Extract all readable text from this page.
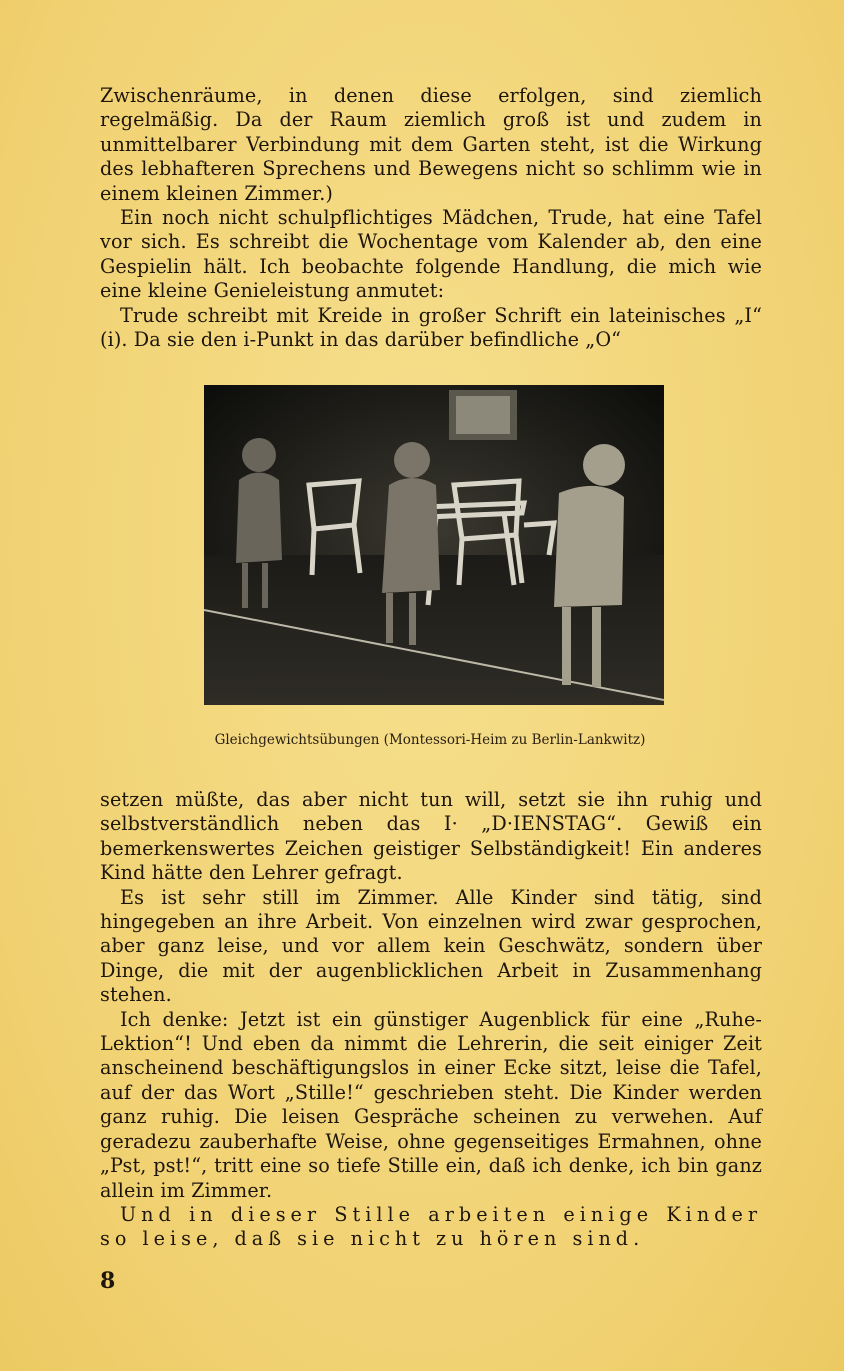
Zwischenräume, in denen diese erfolgen, sind ziemlich regelmäßig. Da der Raum ziemlich groß ist und zudem in unmittelbarer Verbindung mit dem Garten steht, ist die Wirkung des lebhafteren Sprechens und Bewegens nicht so schlimm wie in einem kleinen Zimmer.)

Ein noch nicht schulpflichtiges Mädchen, Trude, hat eine Tafel vor sich. Es schreibt die Wochentage vom Kalender ab, den eine Gespielin hält. Ich beobachte folgende Handlung, die mich wie eine kleine Genieleistung anmutet:

Trude schreibt mit Kreide in großer Schrift ein lateinisches „I“ (i). Da sie den i-Punkt in das darüber befindliche „O“

Gleichgewichtsübungen (Montessori-Heim zu Berlin-Lankwitz)

setzen müßte, das aber nicht tun will, setzt sie ihn ruhig und selbstverständlich neben das I· „D·IENSTAG“. Gewiß ein bemerkenswertes Zeichen geistiger Selbständigkeit! Ein anderes Kind hätte den Lehrer gefragt.

Es ist sehr still im Zimmer. Alle Kinder sind tätig, sind hingegeben an ihre Arbeit. Von einzelnen wird zwar gesprochen, aber ganz leise, und vor allem kein Geschwätz, sondern über Dinge, die mit der augenblicklichen Arbeit in Zusammenhang stehen.

Ich denke: Jetzt ist ein günstiger Augenblick für eine „Ruhe-Lektion“! Und eben da nimmt die Lehrerin, die seit einiger Zeit anscheinend beschäftigungslos in einer Ecke sitzt, leise die Tafel, auf der das Wort „Stille!“ geschrieben steht. Die Kinder werden ganz ruhig. Die leisen Gespräche scheinen zu verwehen. Auf geradezu zauberhafte Weise, ohne gegenseitiges Ermahnen, ohne „Pst, pst!“, tritt eine so tiefe Stille ein, daß ich denke, ich bin ganz allein im Zimmer.

Und in dieser Stille arbeiten einige Kinder so leise, daß sie nicht zu hören sind.

8
